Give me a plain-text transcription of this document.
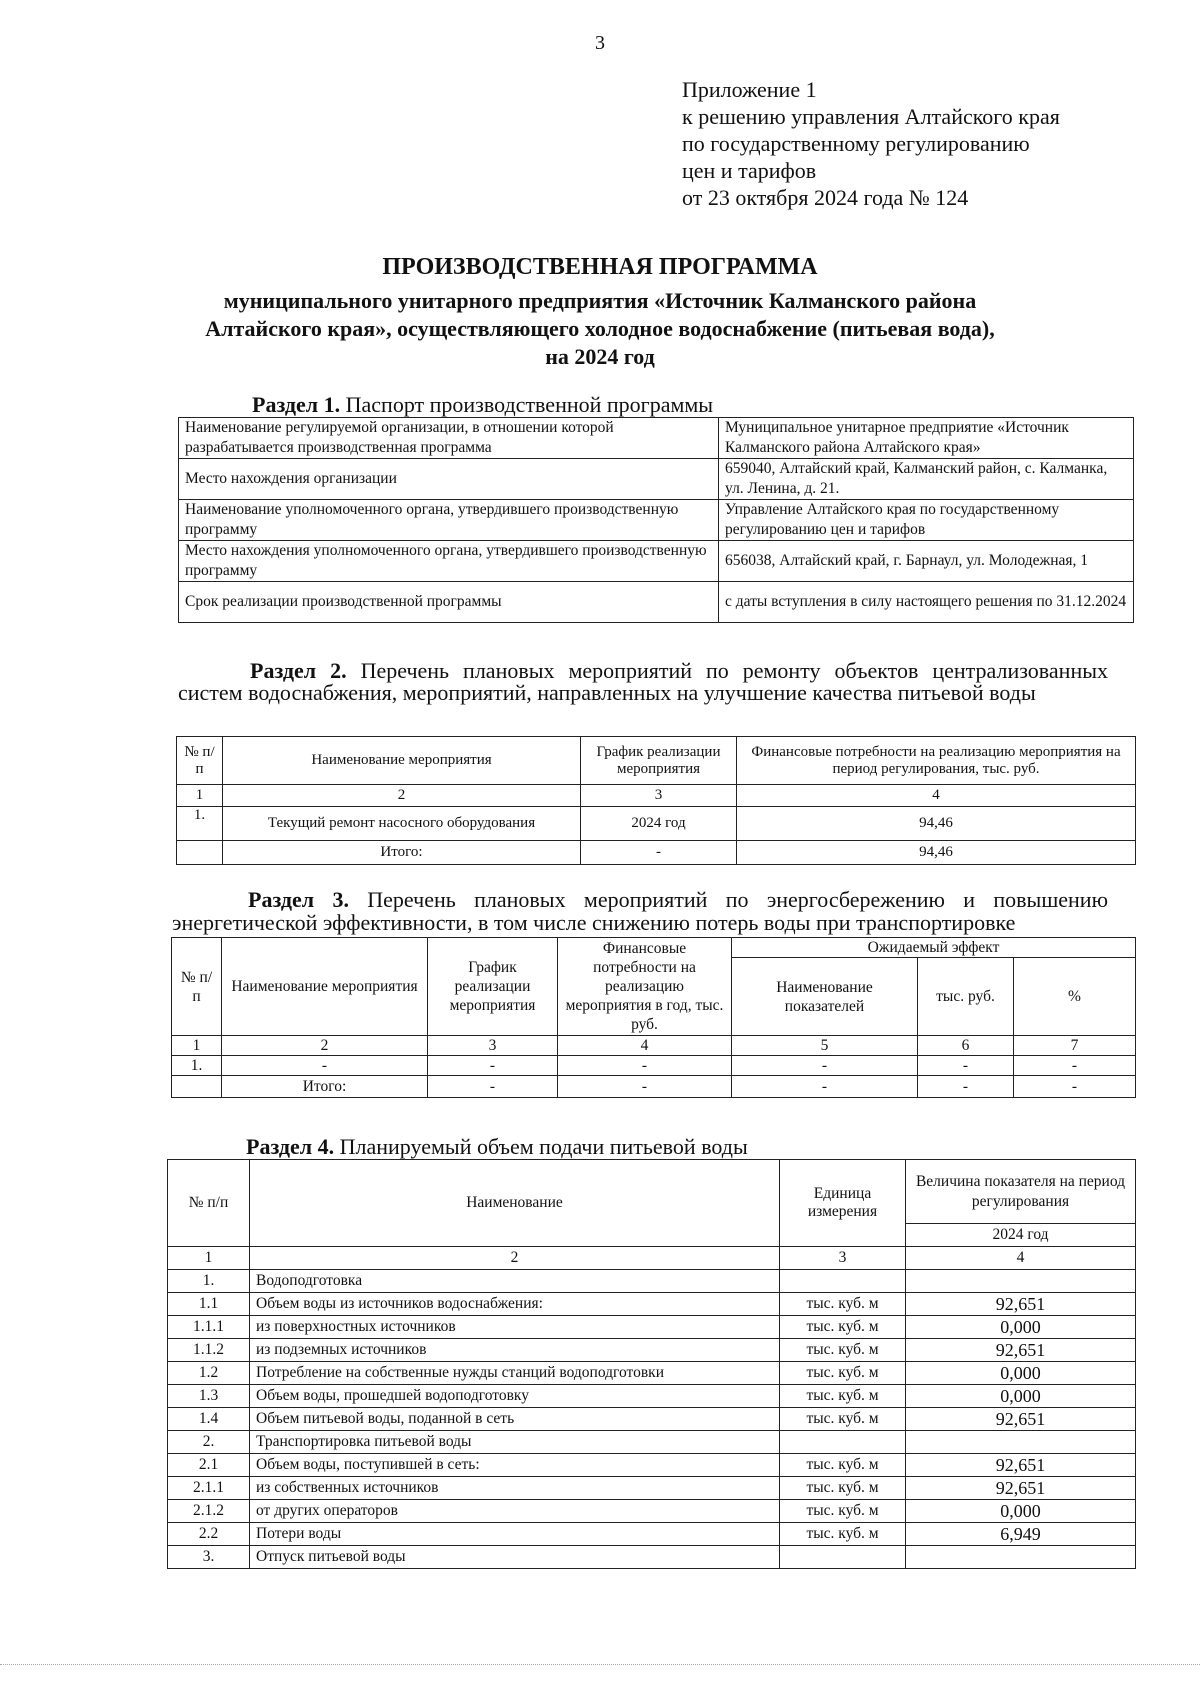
3
Приложение 1
к решению управления Алтайского края
по государственному регулированию
цен и тарифов
от 23 октября 2024 года № 124
ПРОИЗВОДСТВЕННАЯ ПРОГРАММА
муниципального унитарного предприятия «Источник Калманского района
Алтайского края», осуществляющего холодное водоснабжение (питьевая вода),
на 2024 год
Раздел 1. Паспорт производственной программы
Наименование регулируемой организации, в отношении которой разрабатывается производственная программа	Муниципальное унитарное предприятие «Источник Калманского района Алтайского края»
Место нахождения организации	659040, Алтайский край, Калманский район, с. Калманка, ул. Ленина, д. 21.
Наименование уполномоченного органа, утвердившего производственную программу	Управление Алтайского края по государственному регулированию цен и тарифов
Место нахождения уполномоченного органа, утвердившего производственную программу	656038, Алтайский край, г. Барнаул, ул. Молодежная, 1
Срок реализации производственной программы	с даты вступления в силу настоящего решения по 31.12.2024
Раздел 2. Перечень плановых мероприятий по ремонту объектов централизованных систем водоснабжения, мероприятий, направленных на улучшение качества питьевой воды
№ п/п	Наименование мероприятия	График реализации мероприятия	Финансовые потребности на реализацию мероприятия на период регулирования, тыс. руб.
1	2	3	4
1.	Текущий ремонт насосного оборудования	2024 год	94,46
	Итого:	-	94,46
Раздел 3. Перечень плановых мероприятий по энергосбережению и повышению энергетической эффективности, в том числе снижению потерь воды при транспортировке
№ п/п	Наименование мероприятия	График реализации мероприятия	Финансовые потребности на реализацию мероприятия в год, тыс. руб.	Ожидаемый эффект		
				Наименование показателей	тыс. руб.	%
1	2	3	4	5	6	7
1.	-	-	-	-	-	-
	Итого:	-	-	-	-	-
Раздел 4. Планируемый объем подачи питьевой воды
№ п/п	Наименование	Единица измерения	Величина показателя на период регулирования
			2024 год
1	2	3	4
1.	Водоподготовка		
1.1	Объем воды из источников водоснабжения:	тыс. куб. м	92,651
1.1.1	из поверхностных источников	тыс. куб. м	0,000
1.1.2	из подземных источников	тыс. куб. м	92,651
1.2	Потребление на собственные нужды станций водоподготовки	тыс. куб. м	0,000
1.3	Объем воды, прошедшей водоподготовку	тыс. куб. м	0,000
1.4	Объем питьевой воды, поданной в сеть	тыс. куб. м	92,651
2.	Транспортировка питьевой воды		
2.1	Объем воды, поступившей в сеть:	тыс. куб. м	92,651
2.1.1	из собственных источников	тыс. куб. м	92,651
2.1.2	от других операторов	тыс. куб. м	0,000
2.2	Потери воды	тыс. куб. м	6,949
3.	Отпуск питьевой воды		
